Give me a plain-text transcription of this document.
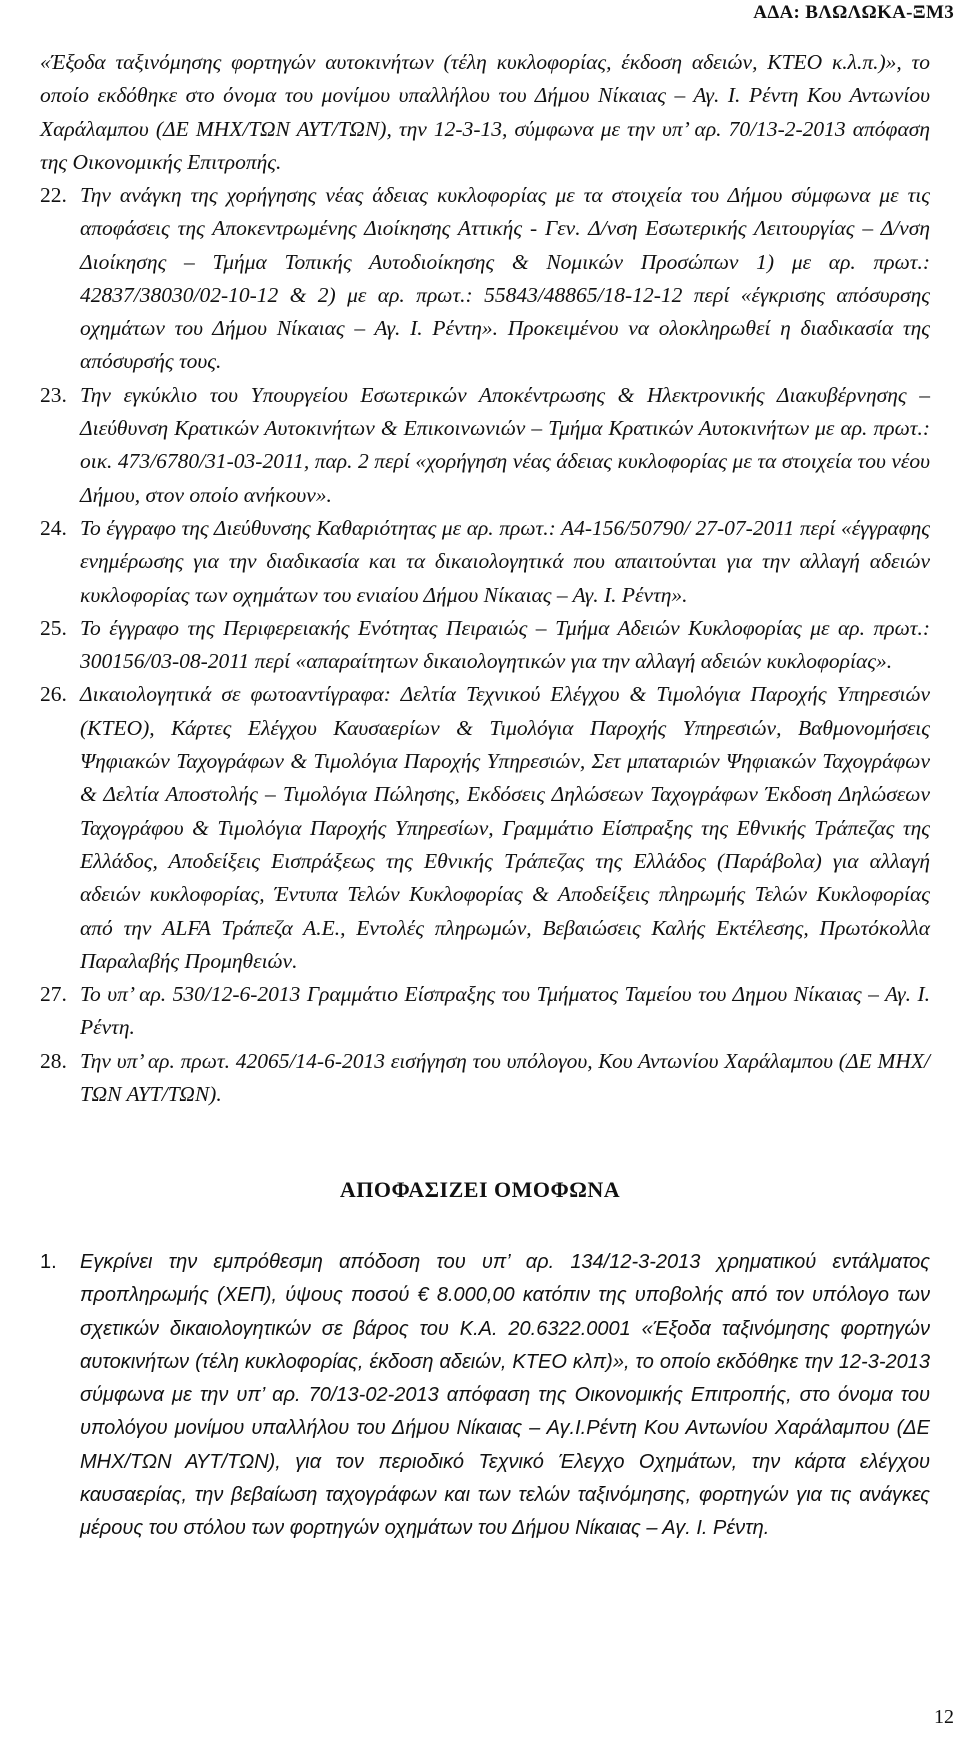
ΑΔΑ: ΒΛΩΛΩΚΑ-ΞΜ3
«Έξοδα ταξινόμησης φορτηγών αυτοκινήτων (τέλη κυκλοφορίας, έκδοση αδειών, ΚΤΕΟ κ.λ.π.)», το οποίο εκδόθηκε στο όνομα του μονίμου υπαλλήλου του Δήμου Νίκαιας – Αγ. Ι. Ρέντη Κου Αντωνίου Χαράλαμπου (ΔΕ ΜΗΧ/ΤΩΝ ΑΥΤ/ΤΩΝ), την 12-3-13, σύμφωνα με την υπ’ αρ. 70/13-2-2013 απόφαση της Οικονομικής Επιτροπής.
22. Την ανάγκη της χορήγησης νέας άδειας κυκλοφορίας με τα στοιχεία του Δήμου σύμφωνα με τις αποφάσεις της Αποκεντρωμένης Διοίκησης Αττικής - Γεν. Δ/νση Εσωτερικής Λειτουργίας – Δ/νση Διοίκησης – Τμήμα Τοπικής Αυτοδιοίκησης & Νομικών Προσώπων 1) με αρ. πρωτ.: 42837/38030/02-10-12 & 2) με αρ. πρωτ.: 55843/48865/18-12-12 περί «έγκρισης απόσυρσης οχημάτων του Δήμου Νίκαιας – Αγ. Ι. Ρέντη». Προκειμένου να ολοκληρωθεί η διαδικασία της απόσυρσής τους.
23. Την εγκύκλιο του Υπουργείου Εσωτερικών Αποκέντρωσης & Ηλεκτρονικής Διακυβέρνησης – Διεύθυνση Κρατικών Αυτοκινήτων & Επικοινωνιών – Τμήμα Κρατικών Αυτοκινήτων με αρ. πρωτ.: οικ. 473/6780/31-03-2011, παρ. 2 περί «χορήγηση νέας άδειας κυκλοφορίας με τα στοιχεία του νέου Δήμου, στον οποίο ανήκουν».
24. Το έγγραφο της Διεύθυνσης Καθαριότητας με αρ. πρωτ.: Α4-156/50790/ 27-07-2011 περί «έγγραφης ενημέρωσης για την διαδικασία και τα δικαιολογητικά που απαιτούνται για την αλλαγή αδειών κυκλοφορίας των οχημάτων του ενιαίου Δήμου Νίκαιας – Αγ. Ι. Ρέντη».
25. Το έγγραφο της Περιφερειακής Ενότητας Πειραιώς – Τμήμα Αδειών Κυκλοφορίας με αρ. πρωτ.: 300156/03-08-2011 περί «απαραίτητων δικαιολογητικών για την αλλαγή αδειών κυκλοφορίας».
26. Δικαιολογητικά σε φωτοαντίγραφα: Δελτία Τεχνικού Ελέγχου & Τιμολόγια Παροχής Υπηρεσιών (ΚΤΕΟ), Κάρτες Ελέγχου Καυσαερίων & Τιμολόγια Παροχής Υπηρεσιών, Βαθμονομήσεις Ψηφιακών Ταχογράφων & Τιμολόγια Παροχής Υπηρεσιών, Σετ μπαταριών Ψηφιακών Ταχογράφων & Δελτία Αποστολής – Τιμολόγια Πώλησης, Εκδόσεις Δηλώσεων Ταχογράφων Έκδοση Δηλώσεων Ταχογράφου & Τιμολόγια Παροχής Υπηρεσίων, Γραμμάτιο Είσπραξης της Εθνικής Τράπεζας της Ελλάδος, Αποδείξεις Εισπράξεως της Εθνικής Τράπεζας της Ελλάδος (Παράβολα) για αλλαγή αδειών κυκλοφορίας, Έντυπα Τελών Κυκλοφορίας & Αποδείξεις πληρωμής Τελών Κυκλοφορίας από την ALFA Τράπεζα Α.Ε., Εντολές πληρωμών, Βεβαιώσεις Καλής Εκτέλεσης, Πρωτόκολλα Παραλαβής Προμηθειών.
27. Το υπ’ αρ. 530/12-6-2013 Γραμμάτιο Είσπραξης του Τμήματος Ταμείου του Δημου Νίκαιας – Αγ. Ι. Ρέντη.
28. Την υπ’ αρ. πρωτ. 42065/14-6-2013 εισήγηση του υπόλογου, Κου Αντωνίου Χαράλαμπου (ΔΕ ΜΗΧ/ΤΩΝ ΑΥΤ/ΤΩΝ).
ΑΠΟΦΑΣΙΖΕΙ ΟΜΟΦΩΝΑ
1.	Εγκρίνει την εμπρόθεσμη απόδοση του υπ’ αρ. 134/12-3-2013 χρηματικού εντάλματος προπληρωμής (ΧΕΠ), ύψους ποσού € 8.000,00 κατόπιν της υποβολής από τον υπόλογο των σχετικών δικαιολογητικών σε βάρος του Κ.Α. 20.6322.0001 «Έξοδα ταξινόμησης φορτηγών αυτοκινήτων (τέλη κυκλοφορίας, έκδοση αδειών, ΚΤΕΟ κλπ)», το οποίο εκδόθηκε την 12-3-2013 σύμφωνα με την υπ’ αρ. 70/13-02-2013 απόφαση της Οικονομικής Επιτροπής, στο όνομα του υπολόγου μονίμου υπαλλήλου του Δήμου Νίκαιας – Αγ.Ι.Ρέντη Κου Αντωνίου Χαράλαμπου (ΔΕ ΜΗΧ/ΤΩΝ ΑΥΤ/ΤΩΝ), για τον περιοδικό Τεχνικό Έλεγχο Οχημάτων, την κάρτα ελέγχου καυσαερίας, την βεβαίωση ταχογράφων και των τελών ταξινόμησης, φορτηγών για τις ανάγκες μέρους του στόλου των φορτηγών οχημάτων του Δήμου Νίκαιας – Αγ. Ι. Ρέντη.
12
